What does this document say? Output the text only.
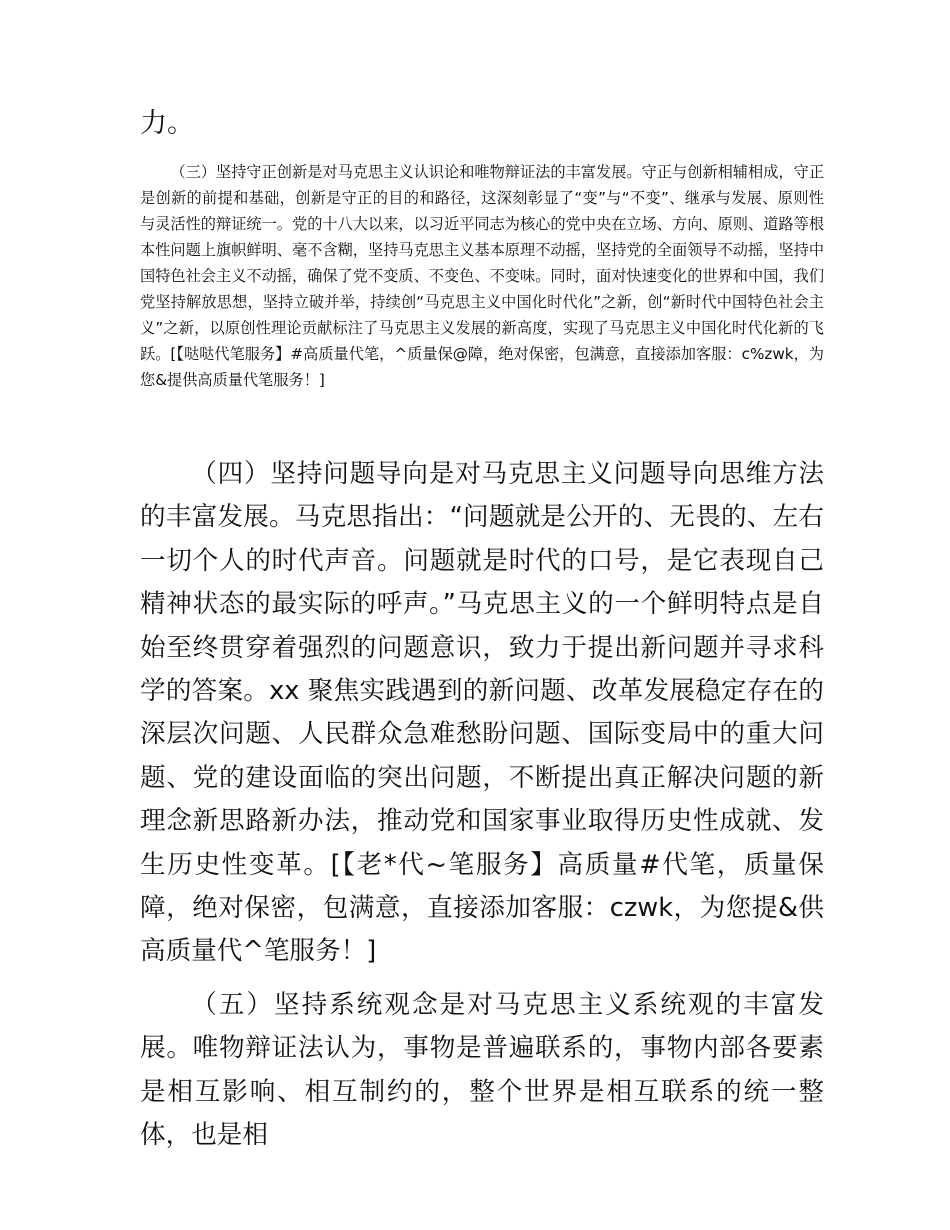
力。

（三）坚持守正创新是对马克思主义认识论和唯物辩证法的丰富发展。守正与创新相辅相成，守正是创新的前提和基础，创新是守正的目的和路径，这深刻彰显了“变”与“不变”、继承与发展、原则性与灵活性的辩证统一。党的十八大以来，以习近平同志为核心的党中央在立场、方向、原则、道路等根本性问题上旗帜鲜明、毫不含糊，坚持马克思主义基本原理不动摇，坚持党的全面领导不动摇，坚持中国特色社会主义不动摇，确保了党不变质、不变色、不变味。同时，面对快速变化的世界和中国，我们党坚持解放思想，坚持立破并举，持续创“马克思主义中国化时代化”之新，创“新时代中国特色社会主义”之新，以原创性理论贡献标注了马克思主义发展的新高度，实现了马克思主义中国化时代化新的飞跃。[【哒哒代笔服务】#高质量代笔，^质量保@障，绝对保密，包满意，直接添加客服：c%zwk，为您&提供高质量代笔服务！]

（四）坚持问题导向是对马克思主义问题导向思维方法的丰富发展。马克思指出：“问题就是公开的、无畏的、左右一切个人的时代声音。问题就是时代的口号，是它表现自己精神状态的最实际的呼声。”马克思主义的一个鲜明特点是自始至终贯穿着强烈的问题意识，致力于提出新问题并寻求科学的答案。xx 聚焦实践遇到的新问题、改革发展稳定存在的深层次问题、人民群众急难愁盼问题、国际变局中的重大问题、党的建设面临的突出问题，不断提出真正解决问题的新理念新思路新办法，推动党和国家事业取得历史性成就、发生历史性变革。[【老*代~笔服务】高质量#代笔，质量保障，绝对保密，包满意，直接添加客服：czwk，为您提&供高质量代^笔服务！]

（五）坚持系统观念是对马克思主义系统观的丰富发展。唯物辩证法认为，事物是普遍联系的，事物内部各要素是相互影响、相互制约的，整个世界是相互联系的统一整体，也是相
